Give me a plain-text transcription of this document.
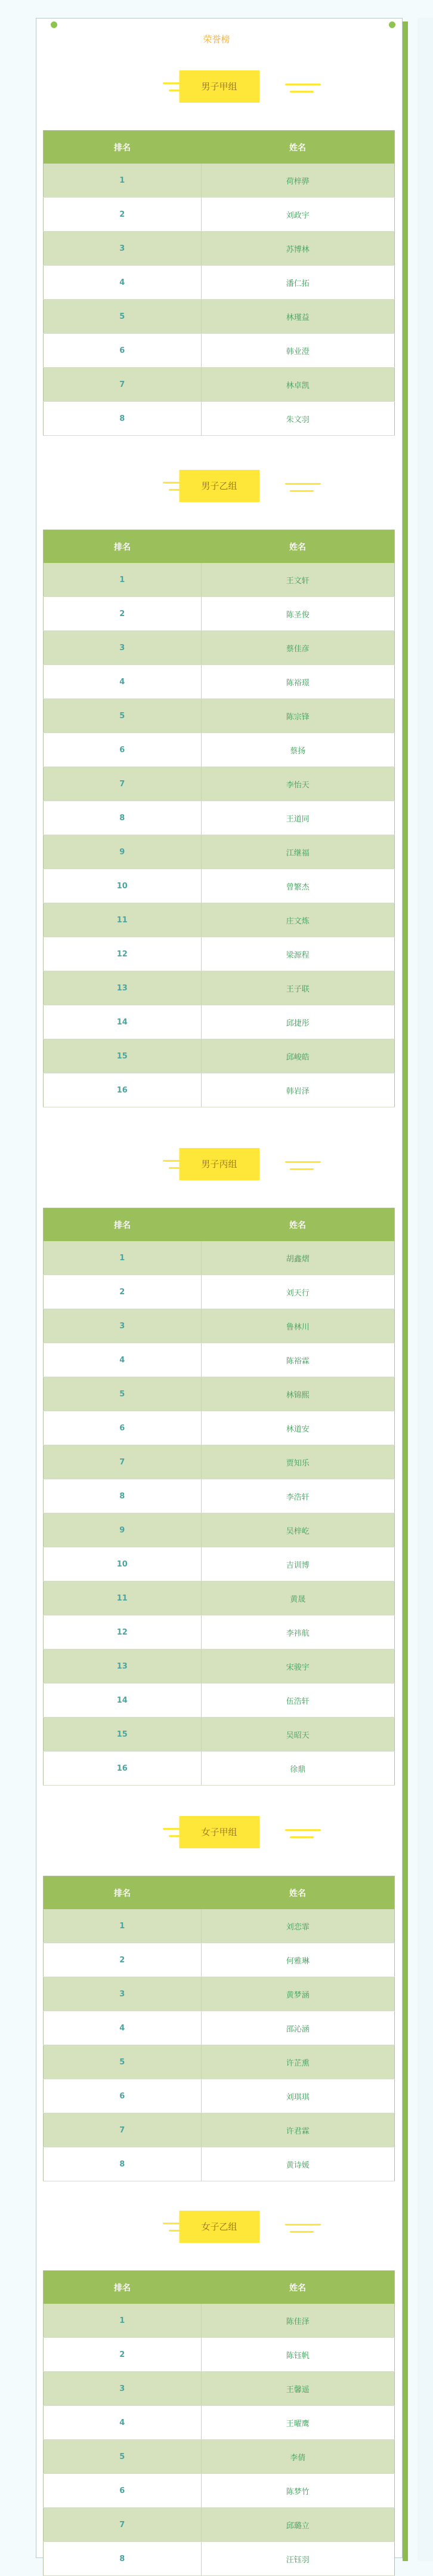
荣誉榜
男子甲组
排名	姓名
1	荷梓骅
2	刘政宇
3	苏博林
4	潘仁拓
5	林瑾益
6	韩业澄
7	林卓凯
8	朱文羽
男子乙组
排名	姓名
1	王文轩
2	陈圣俊
3	蔡佳彦
4	陈裕璟
5	陈宗锋
6	蔡扬
7	李怡天
8	王道同
9	江继福
10	曾繁杰
11	庄文炼
12	梁源程
13	王子联
14	邱捷彤
15	邱峻皓
16	韩岩泽
男子丙组
排名	姓名
1	胡鑫熠
2	刘天行
3	鲁林川
4	陈裕霖
5	林锦熙
6	林道安
7	贾知乐
8	李浩轩
9	吴梓屹
10	吉训博
11	黄晟
12	李祎航
13	宋骏宇
14	伍浩轩
15	吴昭天
16	徐鼎
女子甲组
排名	姓名
1	刘恋霏
2	何雅琳
3	黄梦涵
4	邵沁涵
5	许芷熏
6	刘琪琪
7	许君霖
8	黄诗媛
女子乙组
排名	姓名
1	陈佳泽
2	陈钰帆
3	王馨遥
4	王曜鹰
5	李倩
6	陈梦竹
7	邱璐立
8	汪钰羽
